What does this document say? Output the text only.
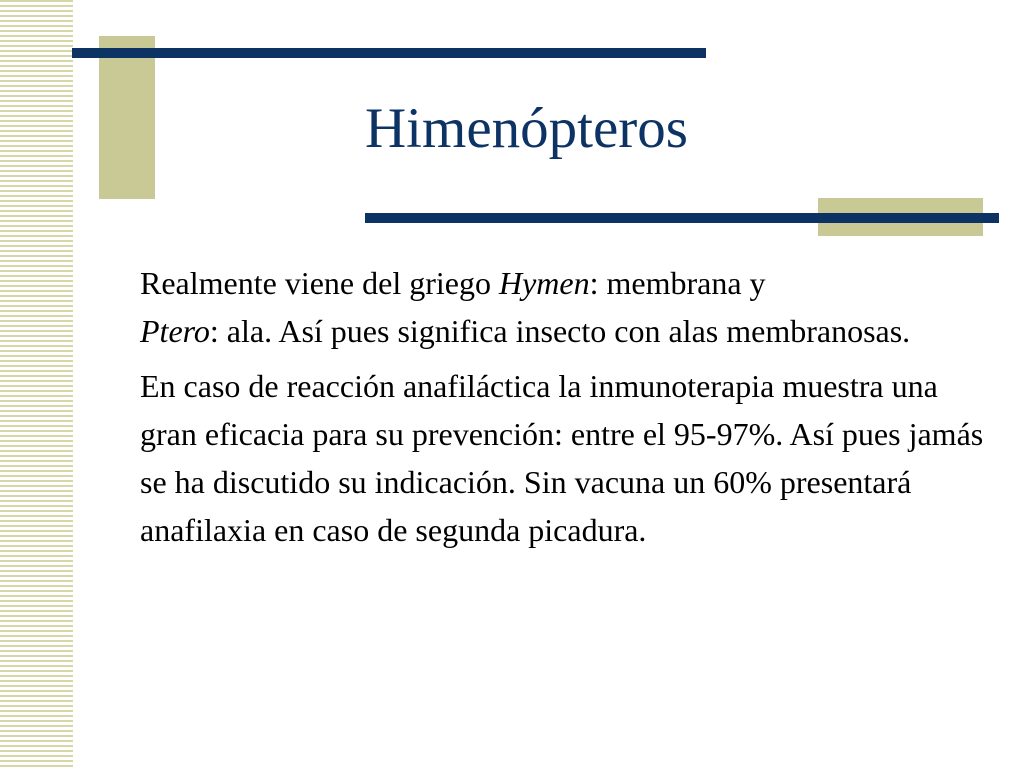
Himenópteros

Realmente viene del griego Hymen: membrana y
Ptero: ala. Así pues significa insecto con alas membranosas.

En caso de reacción anafiláctica la inmunoterapia muestra una gran eficacia para su prevención: entre el 95-97%. Así pues jamás se ha discutido su indicación. Sin vacuna un 60% presentará anafilaxia en caso de segunda picadura.
